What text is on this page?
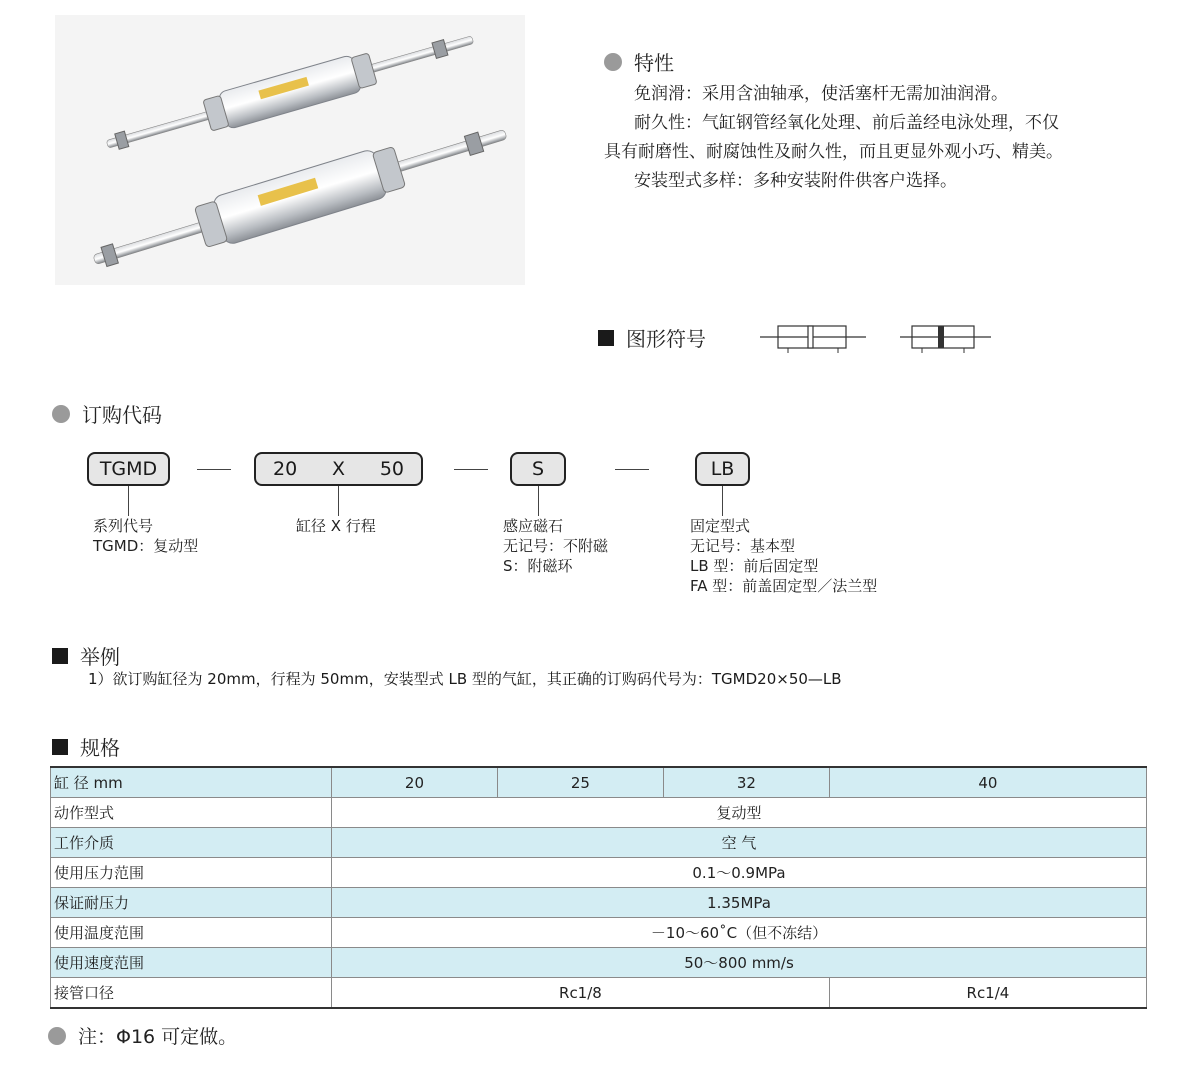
特性
免润滑：采用含油轴承，使活塞杆无需加油润滑。
耐久性：气缸钢管经氧化处理、前后盖经电泳处理，不仅
具有耐磨性、耐腐蚀性及耐久性，而且更显外观小巧、精美。
安装型式多样：多种安装附件供客户选择。
图形符号
订购代码
TGMD	20 X 50	S	LB
系列代号
TGMD：复动型
缸径 X 行程	感应磁石
无记号：不附磁
S：附磁环
固定型式
无记号：基本型
LB 型：前后固定型
FA 型：前盖固定型／法兰型
举例
1）欲订购缸径为 20mm，行程为 50mm，安装型式 LB 型的气缸，其正确的订购码代号为：TGMD20×50—LB
规格
缸 径 mm	20	25	32	40
动作型式	复动型			
工作介质	空 气			
使用压力范围	0.1～0.9MPa			
保证耐压力	1.35MPa			
使用温度范围	－10～60˚C（但不冻结）			
使用速度范围	50～800 mm/s			
接管口径	Rc1/8			Rc1/4
注：Φ16 可定做。
